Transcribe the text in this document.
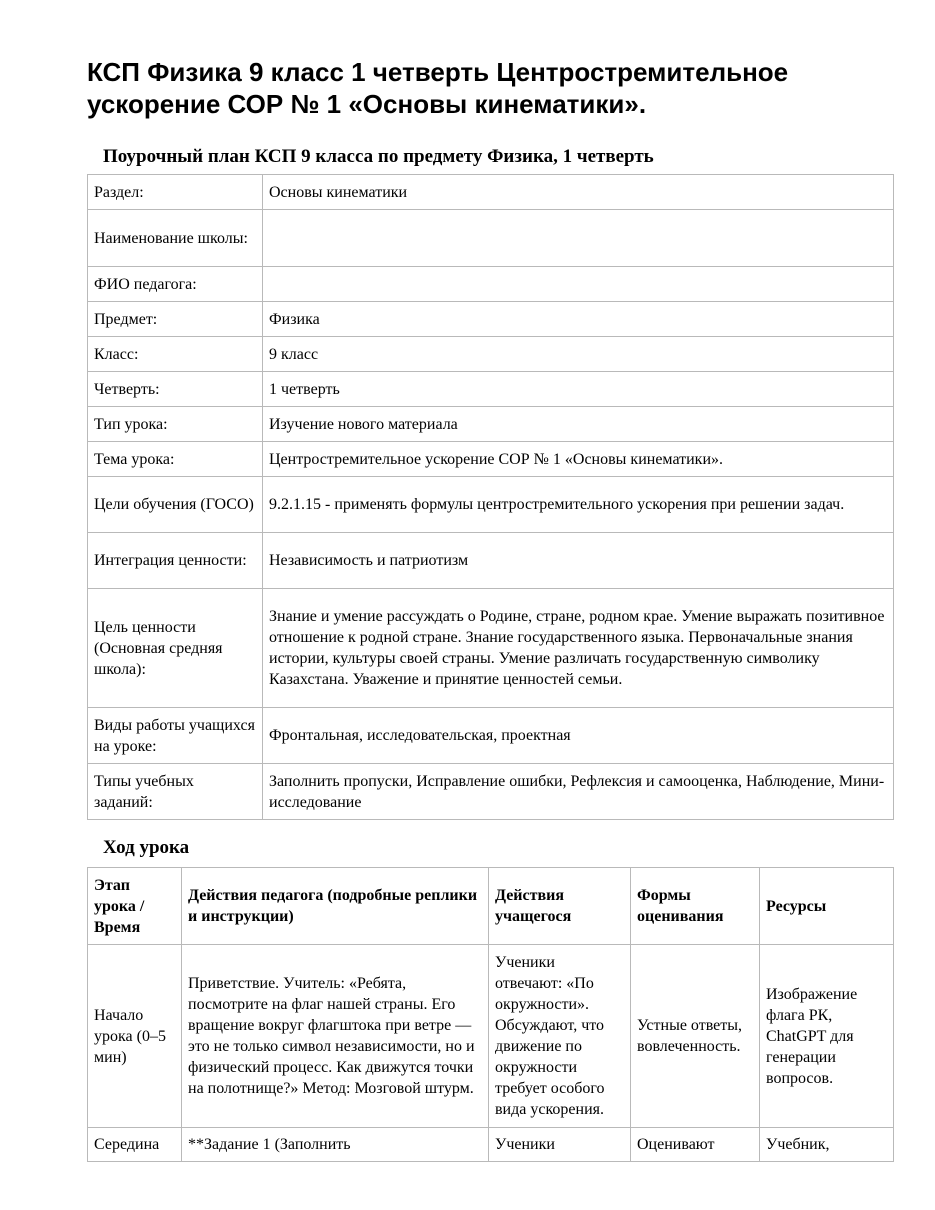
КСП Физика 9 класс 1 четверть Центростремительное ускорение СОР № 1 «Основы кинематики».
Поурочный план КСП 9 класса по предмету Физика, 1 четверть
Раздел:	Основы кинематики
Наименование школы:	
ФИО педагога:	
Предмет:	Физика
Класс:	9 класс
Четверть:	1 четверть
Тип урока:	Изучение нового материала
Тема урока:	Центростремительное ускорение СОР № 1 «Основы кинематики».
Цели обучения (ГОСО)	9.2.1.15 - применять формулы центростремительного ускорения при решении задач.
Интеграция ценности:	Независимость и патриотизм
Цель ценности (Основная средняя школа):	Знание и умение рассуждать о Родине, стране, родном крае. Умение выражать позитивное отношение к родной стране. Знание государственного языка. Первоначальные знания истории, культуры своей страны. Умение различать государственную символику Казахстана. Уважение и принятие ценностей семьи.
Виды работы учащихся на уроке:	Фронтальная, исследовательская, проектная
Типы учебных заданий:	Заполнить пропуски, Исправление ошибки, Рефлексия и самооценка, Наблюдение, Мини-исследование
Ход урока
Этап урока / Время	Действия педагога (подробные реплики и инструкции)	Действия учащегося	Формы оценивания	Ресурсы
Начало урока (0–5 мин)	Приветствие. Учитель: «Ребята, посмотрите на флаг нашей страны. Его вращение вокруг флагштока при ветре — это не только символ независимости, но и физический процесс. Как движутся точки на полотнище?» Метод: Мозговой штурм.	Ученики отвечают: «По окружности». Обсуждают, что движение по окружности требует особого вида ускорения.	Устные ответы, вовлеченность.	Изображение флага РК, ChatGPT для генерации вопросов.
Середина	**Задание 1 (Заполнить	Ученики	Оценивают	Учебник,
